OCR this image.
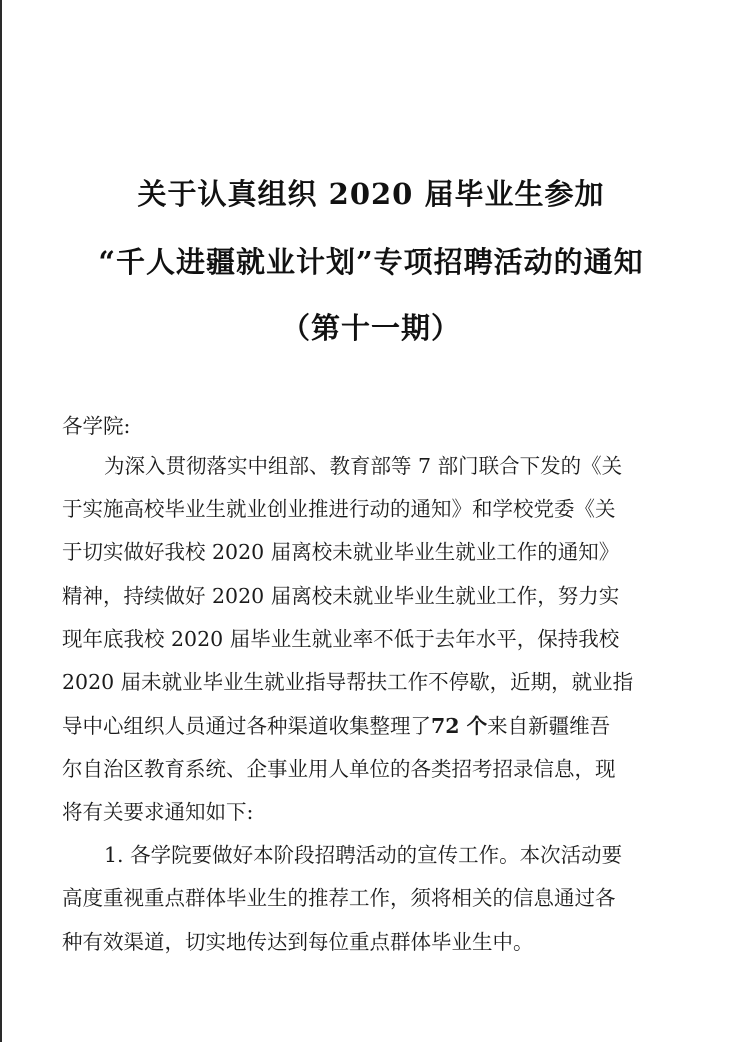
关于认真组织 2020 届毕业生参加
“千人进疆就业计划”专项招聘活动的通知
（第十一期）
各学院:
为深入贯彻落实中组部、教育部等 7 部门联合下发的《关
于实施高校毕业生就业创业推进行动的通知》和学校党委《关
于切实做好我校 2020 届离校未就业毕业生就业工作的通知》
精神，持续做好 2020 届离校未就业毕业生就业工作，努力实
现年底我校 2020 届毕业生就业率不低于去年水平，保持我校
2020 届未就业毕业生就业指导帮扶工作不停歇，近期，就业指
导中心组织人员通过各种渠道收集整理了72 个来自新疆维吾
尔自治区教育系统、企事业用人单位的各类招考招录信息，现
将有关要求通知如下:
1. 各学院要做好本阶段招聘活动的宣传工作。本次活动要
高度重视重点群体毕业生的推荐工作，须将相关的信息通过各
种有效渠道，切实地传达到每位重点群体毕业生中。
